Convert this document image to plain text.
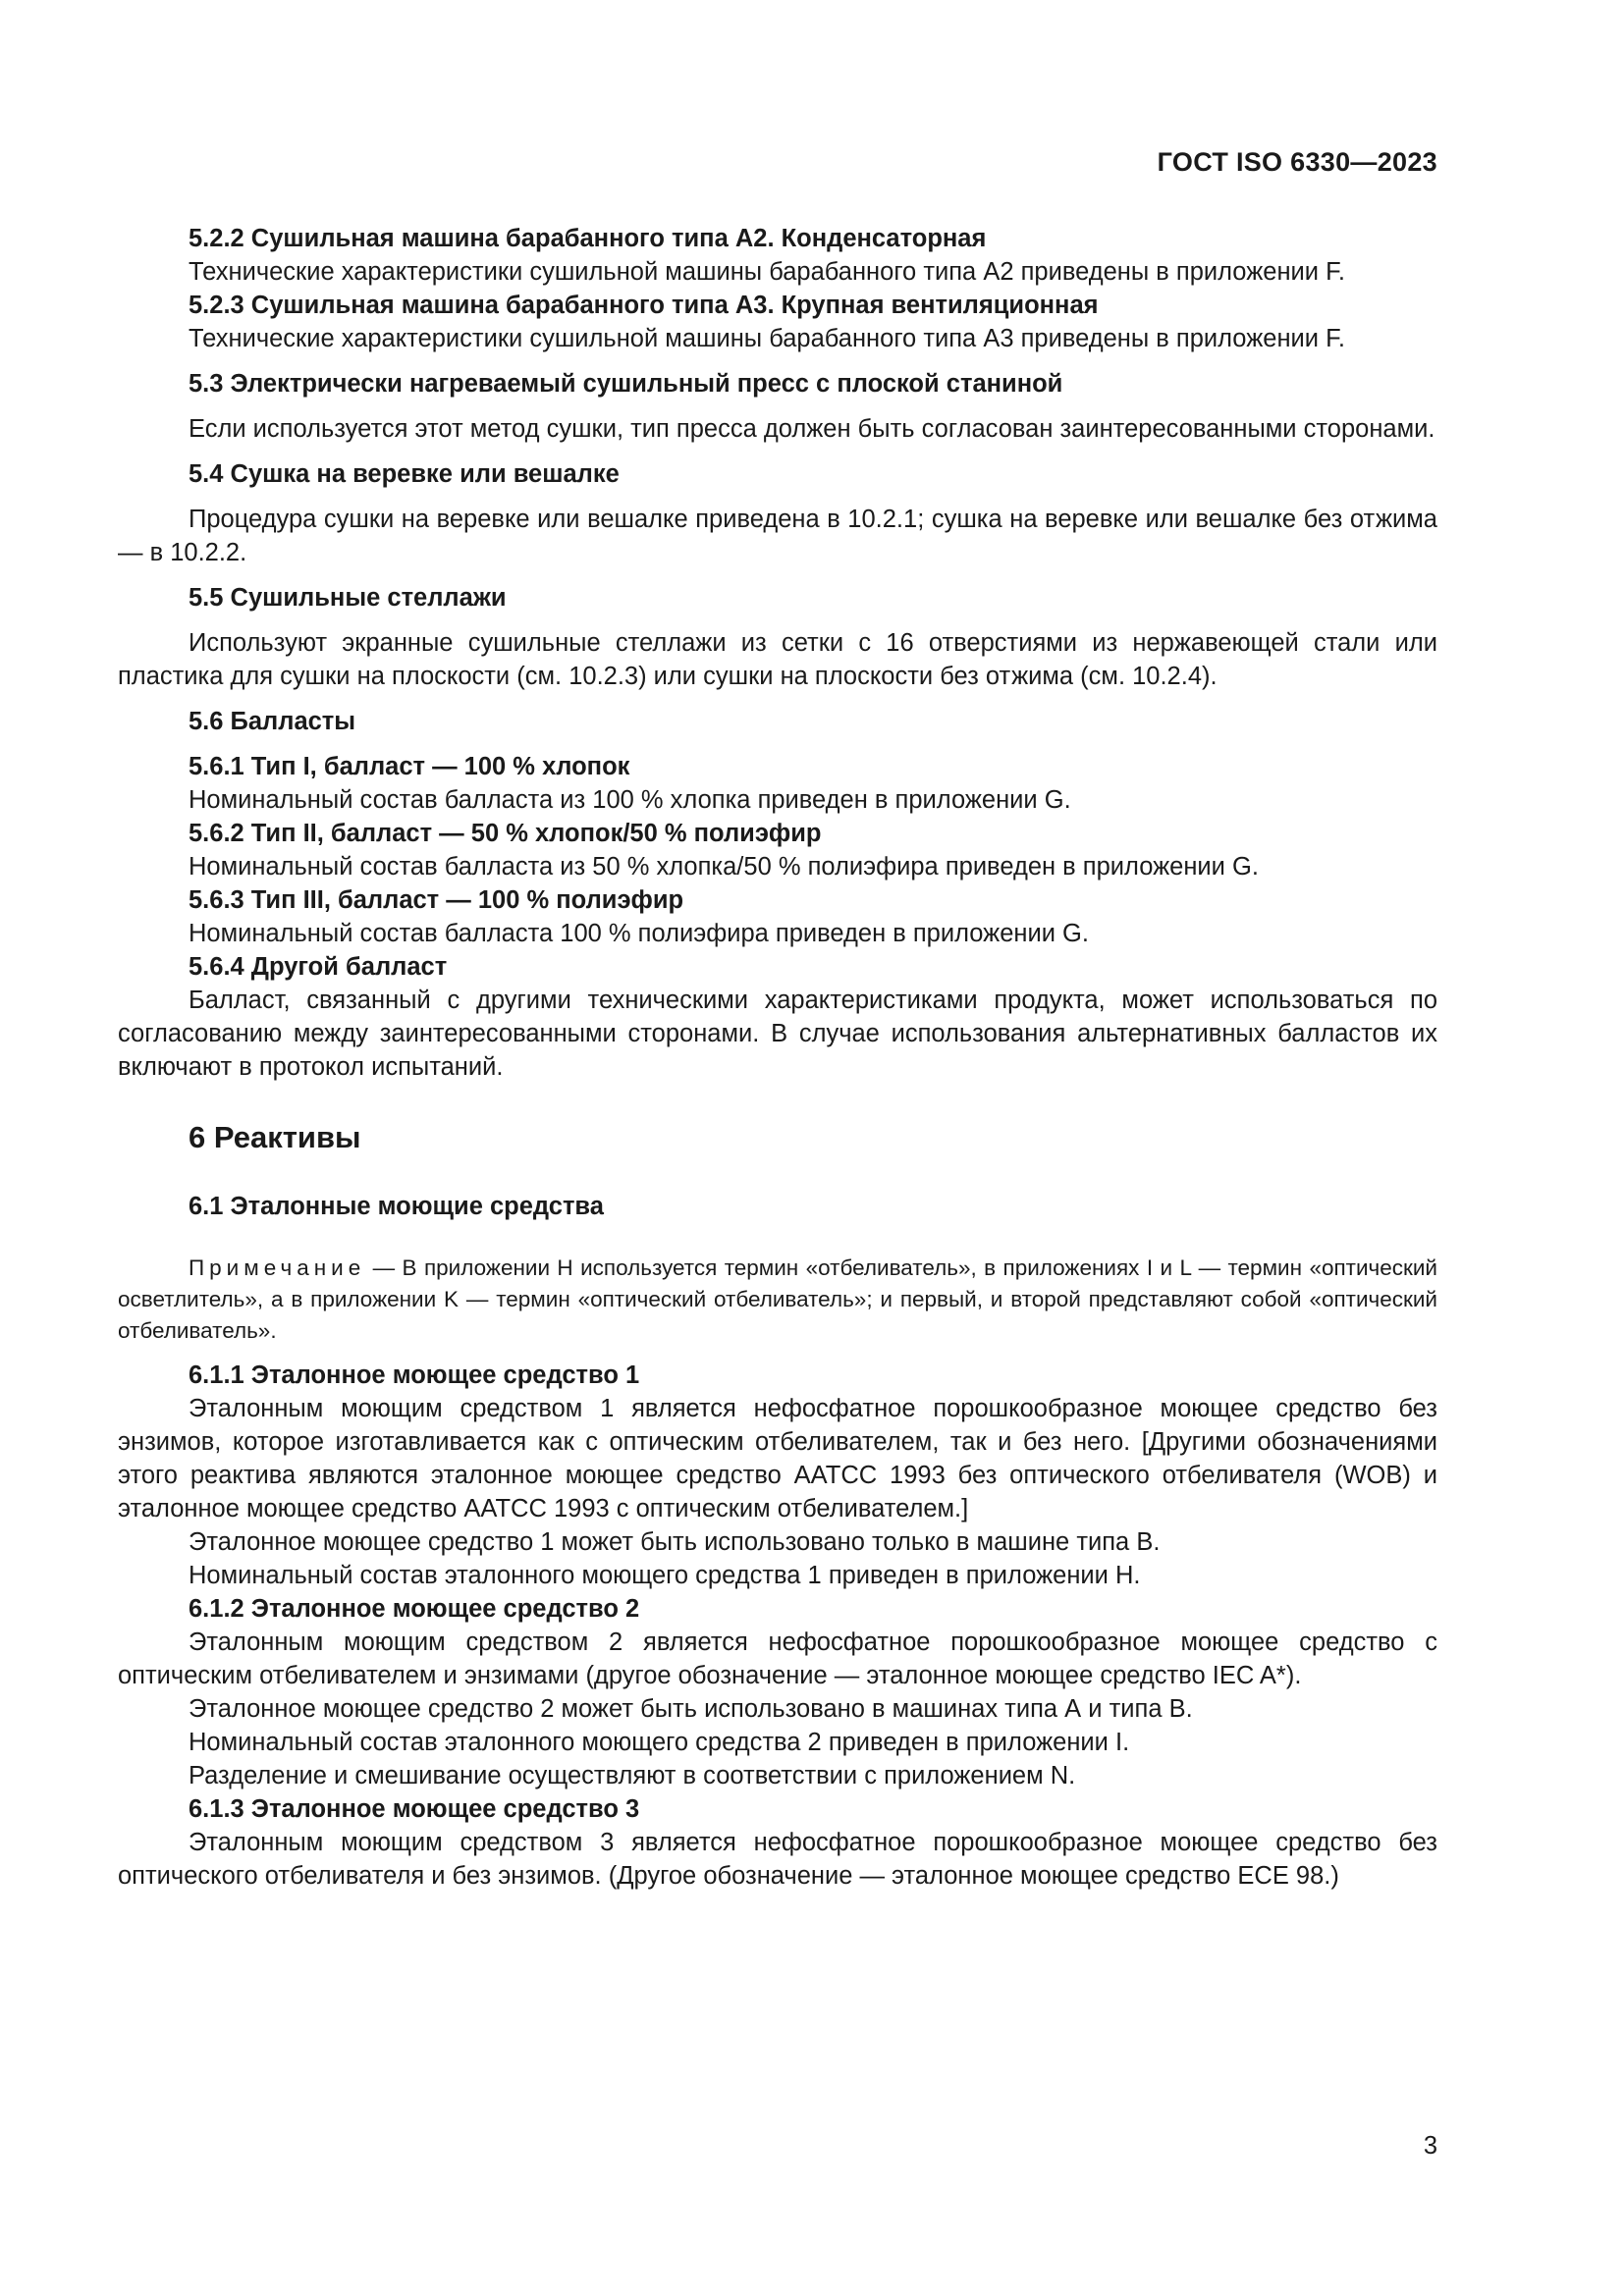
ГОСТ ISO 6330—2023
5.2.2 Сушильная машина барабанного типа А2. Конденсаторная
Технические характеристики сушильной машины барабанного типа А2 приведены в приложении F.
5.2.3 Сушильная машина барабанного типа А3. Крупная вентиляционная
Технические характеристики сушильной машины барабанного типа А3 приведены в приложении F.
5.3 Электрически нагреваемый сушильный пресс с плоской станиной
Если используется этот метод сушки, тип пресса должен быть согласован заинтересованными сторонами.
5.4 Сушка на веревке или вешалке
Процедура сушки на веревке или вешалке приведена в 10.2.1; сушка на веревке или вешалке без отжима — в 10.2.2.
5.5 Сушильные стеллажи
Используют экранные сушильные стеллажи из сетки с 16 отверстиями из нержавеющей стали или пластика для сушки на плоскости (см. 10.2.3) или сушки на плоскости без отжима (см. 10.2.4).
5.6 Балласты
5.6.1 Тип I, балласт — 100 % хлопок
Номинальный состав балласта из 100 % хлопка приведен в приложении G.
5.6.2 Тип II, балласт — 50 % хлопок/50 % полиэфир
Номинальный состав балласта из 50 % хлопка/50 % полиэфира приведен в приложении G.
5.6.3 Тип III, балласт — 100 % полиэфир
Номинальный состав балласта 100 % полиэфира приведен в приложении G.
5.6.4 Другой балласт
Балласт, связанный с другими техническими характеристиками продукта, может использоваться по согласованию между заинтересованными сторонами. В случае использования альтернативных балластов их включают в протокол испытаний.
6 Реактивы
6.1 Эталонные моющие средства
Примечание — В приложении H используется термин «отбеливатель», в приложениях I и L — термин «оптический осветлитель», а в приложении K — термин «оптический отбеливатель»; и первый, и второй представляют собой «оптический отбеливатель».
6.1.1 Эталонное моющее средство 1
Эталонным моющим средством 1 является нефосфатное порошкообразное моющее средство без энзимов, которое изготавливается как с оптическим отбеливателем, так и без него. [Другими обозначениями этого реактива являются эталонное моющее средство AATCC 1993 без оптического отбеливателя (WOB) и эталонное моющее средство AATCC 1993 с оптическим отбеливателем.]
Эталонное моющее средство 1 может быть использовано только в машине типа В.
Номинальный состав эталонного моющего средства 1 приведен в приложении H.
6.1.2 Эталонное моющее средство 2
Эталонным моющим средством 2 является нефосфатное порошкообразное моющее средство с оптическим отбеливателем и энзимами (другое обозначение — эталонное моющее средство IEC A*).
Эталонное моющее средство 2 может быть использовано в машинах типа А и типа В.
Номинальный состав эталонного моющего средства 2 приведен в приложении I.
Разделение и смешивание осуществляют в соответствии с приложением N.
6.1.3 Эталонное моющее средство 3
Эталонным моющим средством 3 является нефосфатное порошкообразное моющее средство без оптического отбеливателя и без энзимов. (Другое обозначение — эталонное моющее средство ECE 98.)
3
